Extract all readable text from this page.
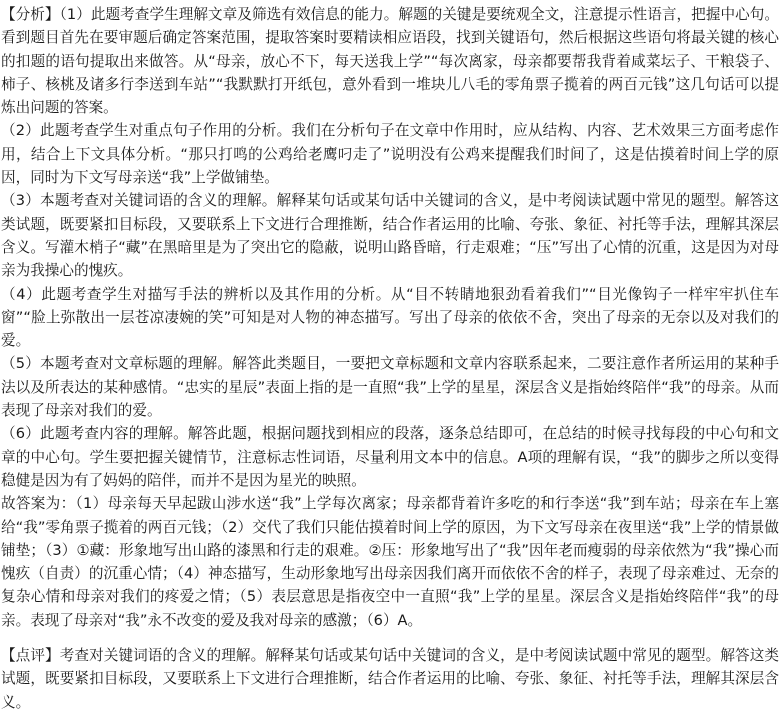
【分析】（1）此题考查学生理解文章及筛选有效信息的能力。解题的关键是要统观全文，注意提示性语言，把握中心句。看到题目首先在要审题后确定答案范围，提取答案时要精读相应语段，找到关键语句，然后根据这些语句将最关键的核心的扣题的语句提取出来做答。从“母亲，放心不下，每天送我上学”“每次离家，母亲都要帮我背着咸菜坛子、干粮袋子、柿子、核桃及诸多行李送到车站”“我默默打开纸包，意外看到一堆块儿八毛的零角票子揽着的两百元钱”这几句话可以提炼出问题的答案。

（2）此题考查学生对重点句子作用的分析。我们在分析句子在文章中作用时，应从结构、内容、艺术效果三方面考虑作用，结合上下文具体分析。“那只打鸣的公鸡给老鹰叼走了”说明没有公鸡来提醒我们时间了，这是估摸着时间上学的原因，同时为下文写母亲送“我”上学做铺垫。

（3）本题考查对关键词语的含义的理解。解释某句话或某句话中关键词的含义，是中考阅读试题中常见的题型。解答这类试题，既要紧扣目标段，又要联系上下文进行合理推断，结合作者运用的比喻、夸张、象征、衬托等手法，理解其深层含义。写灌木梢子“藏”在黑暗里是为了突出它的隐蔽，说明山路昏暗，行走艰难；“压”写出了心情的沉重，这是因为对母亲为我操心的愧疚。

（4）此题考查学生对描写手法的辨析以及其作用的分析。从“目不转睛地狠劲看着我们”“目光像钩子一样牢牢扒住车窗”“脸上弥散出一层苍凉凄婉的笑”可知是对人物的神态描写。写出了母亲的依依不舍，突出了母亲的无奈以及对我们的爱。

（5）本题考查对文章标题的理解。解答此类题目，一要把文章标题和文章内容联系起来，二要注意作者所运用的某种手法以及所表达的某种感情。“忠实的星辰”表面上指的是一直照“我”上学的星星，深层含义是指始终陪伴“我”的母亲。从而表现了母亲对我们的爱。

（6）此题考查内容的理解。解答此题，根据问题找到相应的段落，逐条总结即可，在总结的时候寻找每段的中心句和文章的中心句。学生要把握关键情节，注意标志性词语，尽量利用文本中的信息。A项的理解有误，“我”的脚步之所以变得稳健是因为有了妈妈的陪伴，而并不是因为星光的映照。

故答案为：（1）母亲每天早起跋山涉水送“我”上学每次离家；母亲都背着许多吃的和行李送“我”到车站；母亲在车上塞给“我”零角票子揽着的两百元钱；（2）交代了我们只能估摸着时间上学的原因，为下文写母亲在夜里送“我”上学的情景做铺垫；（3）①藏：形象地写出山路的漆黑和行走的艰难。②压：形象地写出了“我”因年老而瘦弱的母亲依然为“我”操心而愧疚（自责）的沉重心情；（4）神态描写，生动形象地写出母亲因我们离开而依依不舍的样子，表现了母亲难过、无奈的复杂心情和母亲对我们的疼爱之情；（5）表层意思是指夜空中一直照“我”上学的星星。深层含义是指始终陪伴“我”的母亲。表现了母亲对“我”永不改变的爱及我对母亲的感激；（6）A。

【点评】考查对关键词语的含义的理解。解释某句话或某句话中关键词的含义，是中考阅读试题中常见的题型。解答这类试题，既要紧扣目标段，又要联系上下文进行合理推断，结合作者运用的比喻、夸张、象征、衬托等手法，理解其深层含义。
